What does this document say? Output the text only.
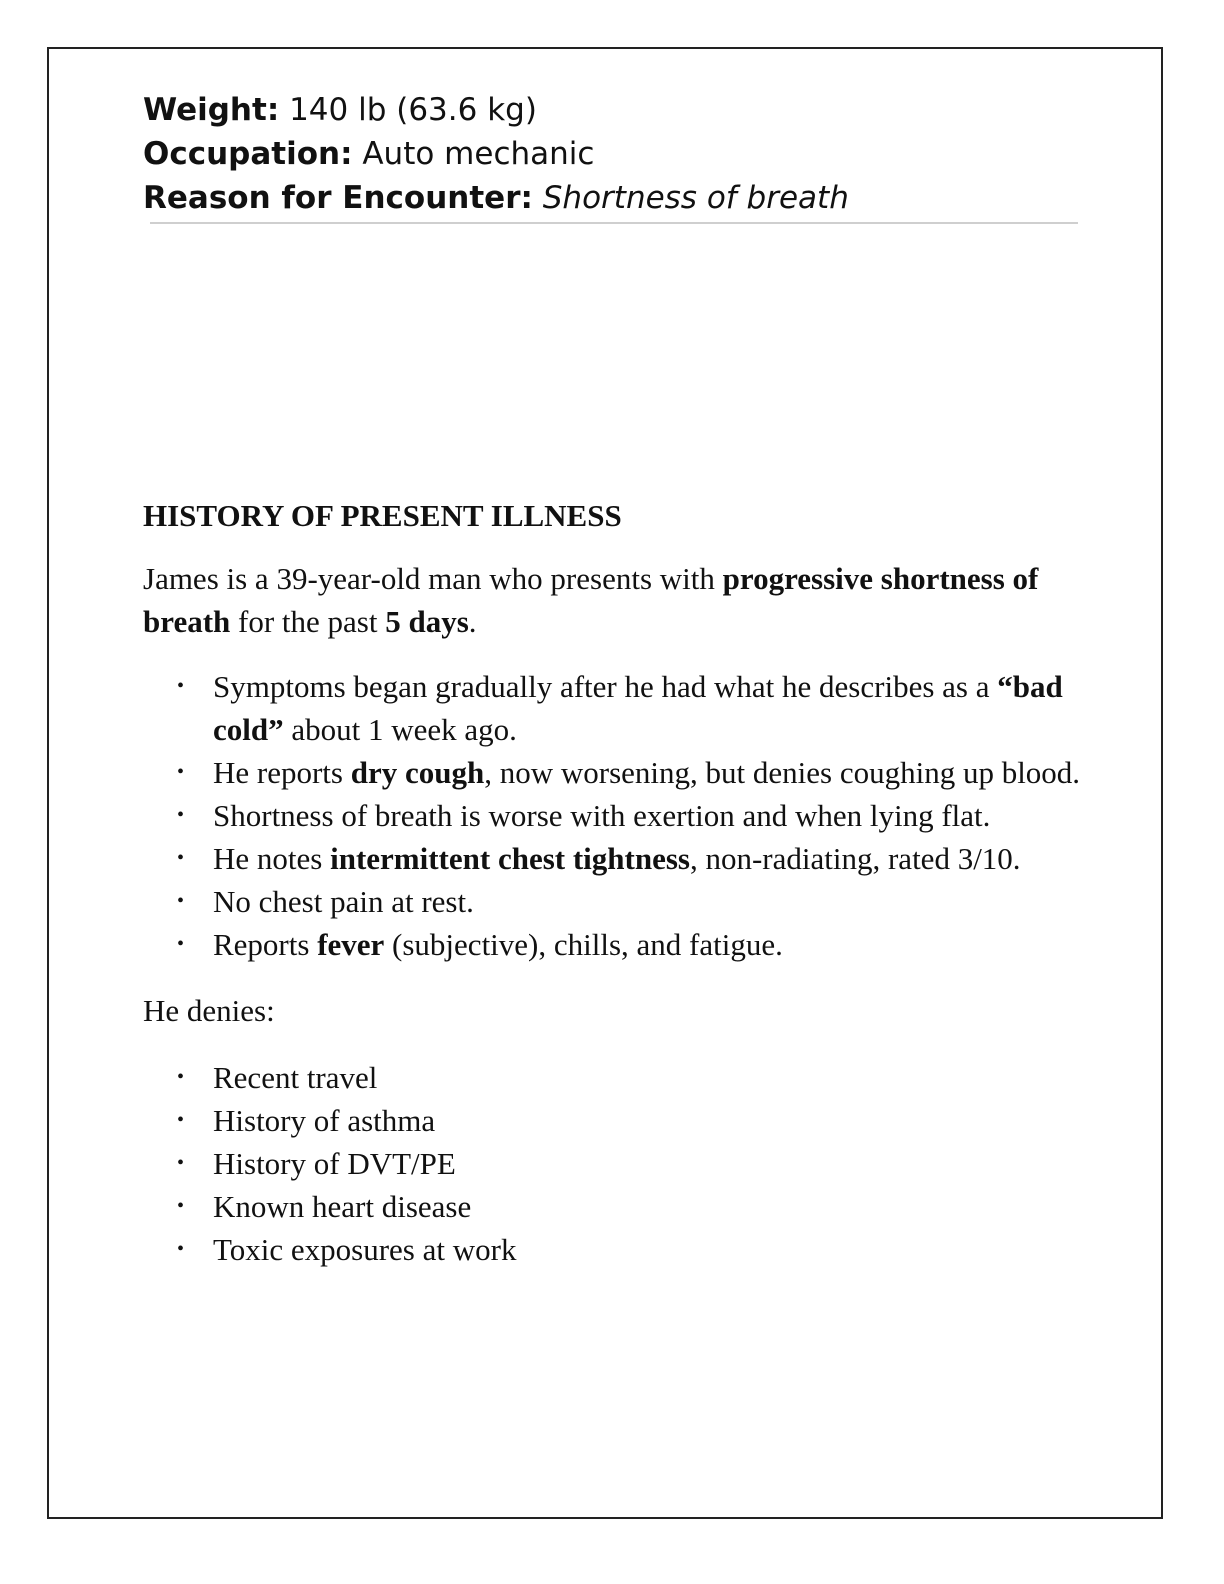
Weight: 140 lb (63.6 kg)
Occupation: Auto mechanic
Reason for Encounter: Shortness of breath
HISTORY OF PRESENT ILLNESS

James is a 39-year-old man who presents with progressive shortness of breath for the past 5 days.

• Symptoms began gradually after he had what he describes as a “bad cold” about 1 week ago.
• He reports dry cough, now worsening, but denies coughing up blood.
• Shortness of breath is worse with exertion and when lying flat.
• He notes intermittent chest tightness, non-radiating, rated 3/10.
• No chest pain at rest.
• Reports fever (subjective), chills, and fatigue.
He denies:
• Recent travel
• History of asthma
• History of DVT/PE
• Known heart disease
• Toxic exposures at work
